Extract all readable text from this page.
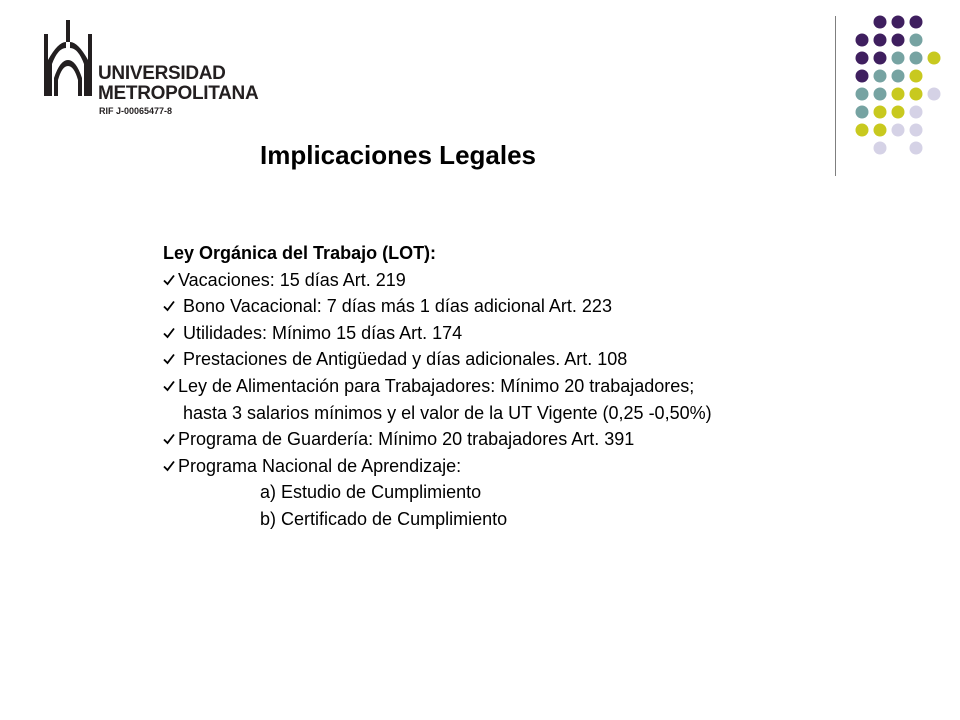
UNIVERSIDAD
METROPOLITANA
RIF J-00065477-8
Implicaciones Legales
Ley Orgánica del Trabajo (LOT):
Vacaciones: 15 días Art. 219
Bono Vacacional: 7 días más 1 días adicional Art. 223
Utilidades: Mínimo 15 días Art. 174
Prestaciones de Antigüedad y días adicionales. Art. 108
Ley de Alimentación para Trabajadores: Mínimo 20 trabajadores;
hasta 3 salarios mínimos y el valor de la UT Vigente (0,25 -0,50%)
Programa de Guardería: Mínimo 20 trabajadores Art. 391
Programa Nacional de Aprendizaje:
a) Estudio de Cumplimiento
b) Certificado de Cumplimiento
